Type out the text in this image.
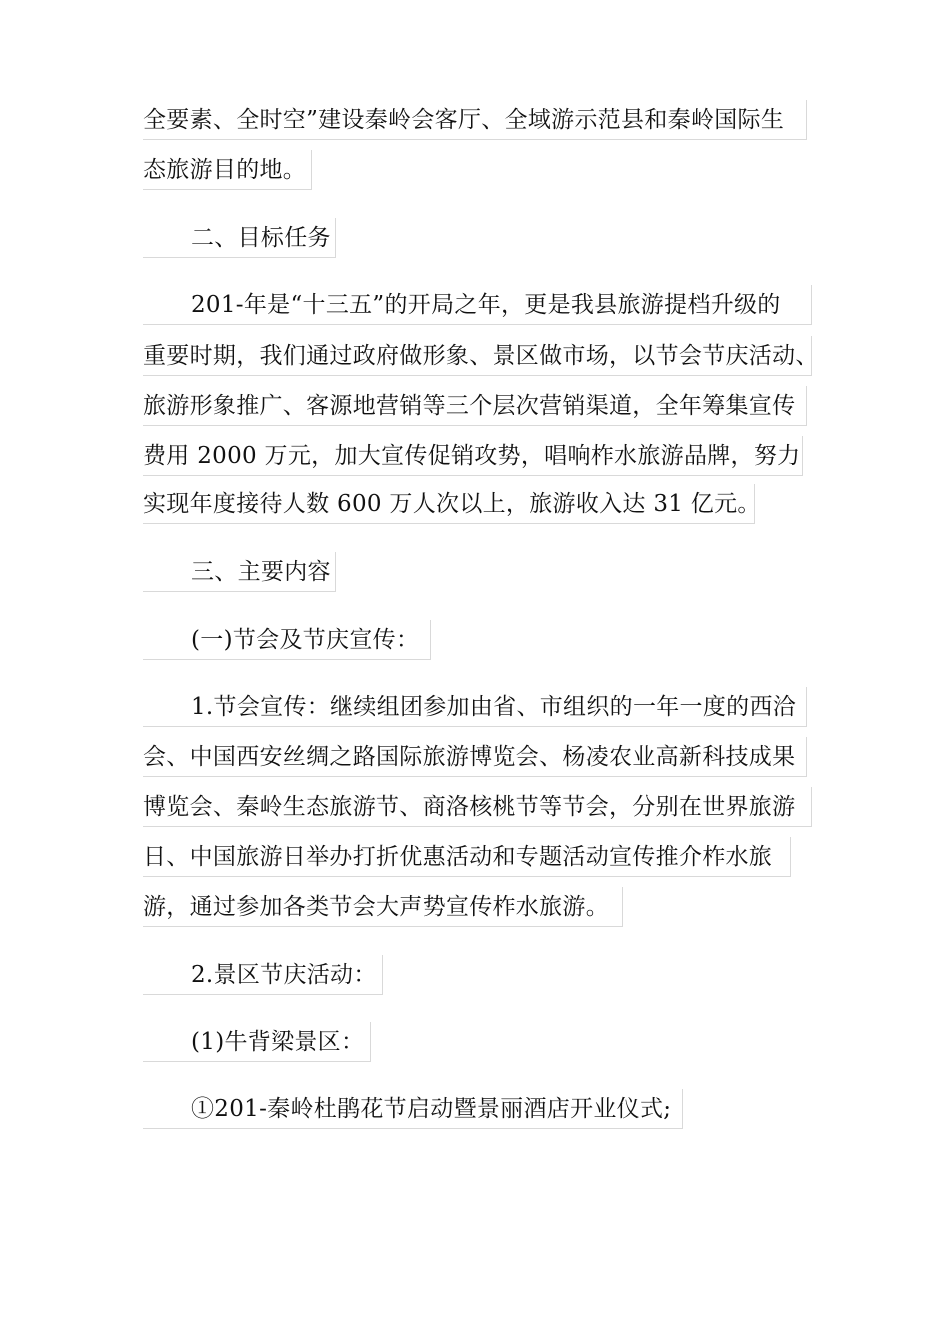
全要素、全时空”建设秦岭会客厅、全域游示范县和秦岭国际生
态旅游目的地。
二、目标任务
201-年是“十三五”的开局之年，更是我县旅游提档升级的
重要时期，我们通过政府做形象、景区做市场，以节会节庆活动、
旅游形象推广、客源地营销等三个层次营销渠道，全年筹集宣传
费用 2000 万元，加大宣传促销攻势，唱响柞水旅游品牌，努力
实现年度接待人数 600 万人次以上，旅游收入达 31 亿元。
三、主要内容
(一)节会及节庆宣传：
1.节会宣传：继续组团参加由省、市组织的一年一度的西洽
会、中国西安丝绸之路国际旅游博览会、杨凌农业高新科技成果
博览会、秦岭生态旅游节、商洛核桃节等节会，分别在世界旅游
日、中国旅游日举办打折优惠活动和专题活动宣传推介柞水旅
游，通过参加各类节会大声势宣传柞水旅游。
2.景区节庆活动：
(1)牛背梁景区：
①201-秦岭杜鹃花节启动暨景丽酒店开业仪式;
